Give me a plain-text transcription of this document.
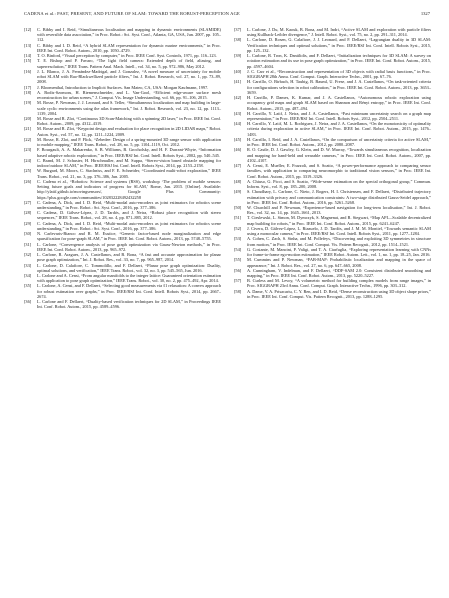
CADENA et al.: PAST, PRESENT, AND FUTURE OF SLAM: TOWARD THE ROBUST-PERCEPTION AGE	1327
[12] C. Bibby and I. Reid, “Simultaneous localisation and mapping in dynamic environments (SLAMIDE) with reversible data association,” in Proc. Robot.: Sci. Syst. Conf., Atlanta, GA, USA, Jun. 2007, pp. 105–112.
[13] C. Bibby and I. D. Reid, “A hybrid SLAM representation for dynamic marine environments,” in Proc. IEEE Int. Conf. Robot. Autom., 2010, pp. 1050–4729.
[14] T. O. Binford, “Visual perception by computer,” in Proc. IEEE Conf. Syst. Controls, 1971, pp. 116–123.
[15] T. E. Bishop and P. Favaro, “The light field camera: Extended depth of field, aliasing, and superresolution,” IEEE Trans. Pattern Anal. Mach. Intell., vol. 34, no. 5, pp. 972–986, May 2012.
[16] J. L. Blanco, J. A. Fernández-Madrigal, and J. Gonzalez, “A novel measure of uncertainty for mobile robot SLAM with Rao-Blackwellized particle filters,” Int. J. Robot. Research, vol. 27, no. 1, pp. 73–89, 2008.
[17] J. Bloomenthal, Introduction to Implicit Surfaces. San Mateo, CA, USA: Morgan Kaufmann, 1997.
[18] A. Bodis-Szomoru, H. Riemenschneider, and L. Van-Gool, “Efficient edge-aware surface mesh reconstruction for urban scenes,” J. Comput. Vis. Image Understanding, vol. 66, pp. 91–106, 2015.
[19] M. Bosse, P. Newman, J. J. Leonard, and S. Teller, “Simultaneous localization and map building in large-scale cyclic environments using the atlas framework,” Int. J. Robot. Research, vol. 23, no. 12, pp. 1113–1139, 2004.
[20] M. Bosse and R. Zlot, “Continuous 3D Scan-Matching with a spinning 2D laser,” in Proc. IEEE Int. Conf. Robot. Autom., 2009, pp. 4312–4319.
[21] M. Bosse and R. Zlot, “Keypoint design and evaluation for place recognition in 2D LIDAR maps,” Robot. Auton. Syst., vol. 57, no. 12, pp. 1211–1224, 2009.
[22] M. Bosse, R. Zlot, and P. Flick, “Zebedee: Design of a spring-mounted 3D range sensor with application to mobile mapping,” IEEE Trans. Robot., vol. 28, no. 5, pp. 1104–1119, Oct. 2012.
[23] F. Bourgault, A. A. Makarenko, S. B. Williams, B. Grocholsky, and H. F. Durrant-Whyte, “Information based adaptive robotic exploration,” in Proc. IEEE/RSJ Int. Conf. Intell. Robots Syst., 2002, pp. 540–545.
[24] C. Brand, M. J. Schuster, H. Hirschmuller, and M. Suppa, “Stereo-vision based obstacle mapping for indoor/outdoor SLAM,” in Proc. IEEE/RSJ Int. Conf. Intell. Robots Syst., 2014, pp. 2153–2158.
[25] W. Burgard, M. Moors, C. Stachniss, and F. E. Schneider, “Coordinated multi-robot exploration,” IEEE Trans. Robot., vol. 21, no. 3, pp. 376–386, Jun. 2005.
[26] C. Cadena et al., “Robotics: Science and systems (RSS), workshop ‘The problem of mobile sensors: Setting future goals and indicators of progress for SLAM,’ Rome, Jun. 2015. [Online]. Available: http://ylatif.github.io/movingsensors/, Google Plus Community: https://plus.google.com/communities/102832228492432258
[27] C. Cadena, A. Dick, and I. D. Reid, “Multi-modal auto-encoders as joint estimators for robotics scene understanding,” in Proc. Robot.: Sci. Syst. Conf., 2016, pp. 377–386.
[28] C. Cadena, D. Gálvez-López, J. D. Tardós, and J. Neira, “Robust place recognition with stereo sequences,” IEEE Trans. Robot., vol. 28, no. 4, pp. 871–885, 2012.
[29] C. Cadena, A. Dick, and I. D. Reid, “Multi-modal auto-encoders as joint estimators for robotics scene understanding,” in Proc. Robot.: Sci. Syst. Conf., 2016, pp. 377–386.
[30] N. Carlevaris-Bianco and R. M. Eustice, “Generic factor-based node marginalization and edge sparsification for pose-graph SLAM,” in Proc. IEEE Int. Conf. Robot. Autom., 2013, pp. 5748–5755.
[31] L. Carlone, “Convergence analysis of pose graph optimization via Gauss-Newton methods,” in Proc. IEEE Int. Conf. Robot. Autom., 2013, pp. 965–972.
[32] L. Carlone, R. Aragues, J. A. Castellanos, and B. Bona, “A fast and accurate approximation for planar pose graph optimization,” Int. J. Robot. Res., vol. 33, no. 7, pp. 965–987, 2014.
[33] L. Carlone, D. Calafiore, C. Tommolillo, and F. Dellaert, “Planar pose graph optimization: Duality, optimal solutions, and verification,” IEEE Trans. Robot., vol. 32, no. 3, pp. 545–565, Jun. 2016.
[34] L. Carlone and A. Censi, “From angular manifolds to the integer lattice: Guaranteed orientation estimation with application to pose graph optimization,” IEEE Trans. Robot., vol. 30, no. 2, pp. 475–492, Apr. 2014.
[35] L. Carlone, A. Censi, and F. Dellaert, “Selecting good measurements via ℓ1 relaxation: A convex approach for robust estimation over graphs,” in Proc. IEEE/RSJ Int. Conf. Intell. Robots Syst., 2014, pp. 2667–2674.
[36] L. Carlone and F. Dellaert, “Duality-based verification techniques for 2D SLAM,” in Proceedings IEEE Int. Conf. Robot. Autom., 2015, pp. 4589–4596.
[37] L. Carlone, J. Du, M. Kaouk, B. Bona, and M. Indri, “Active SLAM and exploration with particle filters using Kullback-Leibler divergence,” J. Intell. Robot. Syst., vol. 75, no. 2, pp. 291–311, 2014.
[38] L. Carlone, D. Rosen, G. Calafiore, J. J. Leonard, and F. Dellaert, “Lagrangian duality in 3D SLAM: Verification techniques and optimal solutions,” in Proc. IEEE/RSJ Int. Conf. Intell. Robots Syst., 2015, pp. 125–132.
[39] L. Carlone, R. Tron, K. Daniilidis, and F. Dellaert, “Initialization techniques for 3D SLAM: A survey on rotation estimation and its use in pose graph optimization,” in Proc. IEEE Int. Conf. Robot. Autom., 2015, pp. 4597–4604.
[40] J. C. Carr et al., “Reconstruction and representation of 3D objects with radial basis functions,” in Proc. SIGGRAPH 28th Annu. Conf. Comput. Graph. Interactive Techn., 2001, pp. 67–76.
[41] H. Carrillo, O. Birbach, H. Taubig, B. Bauml, U. Frese, and J. A. Castellanos, “On task-oriented criteria for configurations selection in robot calibration,” in Proc. IEEE Int. Conf. Robot. Autom., 2013, pp. 3653–3659.
[42] H. Carrillo, P. Dames, K. Kumar, and J. A. Castellanos, “Autonomous robotic exploration using occupancy grid maps and graph SLAM based on Shannon and Rényi entropy,” in Proc. IEEE Int. Conf. Robot. Autom., 2015, pp. 487–494.
[43] H. Carrillo, Y. Latif, J. Neira, and J. A. Castellanos, “Fast minimum uncertainty search on a graph map representation,” in Proc. IEEE/RSJ Int. Conf. Intell. Robots Syst., 2012, pp. 2504–2511.
[44] H. Carrillo, Y. Latif, M. L. Rodriguez, J. Neira, and J. A. Castellanos, “On the monotonicity of optimality criteria during exploration in active SLAM,” in Proc. IEEE Int. Conf. Robot. Autom., 2015, pp. 1476–1483.
[45] H. Carrillo, I. Reid, and J. A. Castellanos, “On the comparison of uncertainty criteria for active SLAM,” in Proc. IEEE Int. Conf. Robot. Autom., 2012, pp. 2080–2087.
[46] R. O. Castle, D. J. Gawley, G. Klein, and D. W. Murray, “Towards simultaneous recognition, localization and mapping for hand-held and wearable cameras,” in Proc. IEEE Int. Conf. Robot. Autom., 2007, pp. 4102–4107.
[47] A. Censi, E. Mueller, E. Frazzoli, and S. Soatto, “A power-performance approach to comparing sensor families, with application to comparing neuromorphic to traditional vision sensors,” in Proc. IEEE Int. Conf. Robot. Autom., 2015, pp. 3319–3326.
[48] A. Chiuso, G. Picci, and S. Soatto, “Wide-sense estimation on the special orthogonal group,” Commun. Inform. Syst., vol. 8, pp. 185–200, 2008.
[49] S. Choudhary, L. Carlone, C. Nieto, J. Rogers, H. I. Christensen, and F. Dellaert, “Distributed trajectory estimation with privacy and communication constraints: A two-stage distributed Gauss-Seidel approach,” in Proc. IEEE Int. Conf. Robot. Autom., 2016, pp. 5261–5268.
[50] W. Churchill and P. Newman, “Experience-based navigation for long-term localisation,” Int. J. Robot. Res., vol. 32, no. 14, pp. 1645–1661, 2013.
[51] T. Cieslewski, L. Simon, M. Dymczyk, S. Magnenat, and R. Siegwart, “Map API—Scalable decentralized map building for robots,” in Proc. IEEE Int. Conf. Robot. Autom., 2015, pp. 6241–6247.
[52] J. Civera, D. Gálvez-López, L. Riazuelo, J. D. Tardós, and J. M. M. Montiel, “Towards semantic SLAM using a monocular camera,” in Proc. IEEE/RSJ Int. Conf. Intell. Robots Syst., 2011, pp. 1277–1284.
[53] A. Cohen, C. Zach, S. Sinha, and M. Pollefeys, “Discovering and exploiting 3D symmetries in structure from motion,” in Proc. IEEE Int. Conf. Comput. Vis. Pattern Recognit., 2012, pp. 1514–1521.
[54] G. Costante, M. Mancini, P. Valigi, and T. A. Ciarfuglia, “Exploring representation learning with CNNs for frame-to-frame ego-motion estimation,” IEEE Robot. Autom. Lett., vol. 1, no. 1, pp. 18–25, Jan. 2016.
[55] M. Cummins and P. Newman, “FAB-MAP: Probabilistic localization and mapping in the space of appearance,” Int. J. Robot. Res., vol. 27, no. 6, pp. 647–665, 2008.
[56] A. Cunningham, V. Indelman, and F. Dellaert, “DDF-SAM 2.0: Consistent distributed smoothing and mapping,” in Proc. IEEE Int. Conf. Robot. Autom., 2013, pp. 5220–5227.
[57] B. Curless and M. Levoy, “A volumetric method for building complex models from range images,” in Proc. SIGGRAPH 23rd Annu. Conf. Comput. Graph. Interactive Techn., 1996, pp. 303–312.
[58] A. Dame, V. A. Prisacariu, C. Y. Ren, and I. D. Reid, “Dense reconstruction using 3D object shape priors,” in Proc. IEEE Int. Conf. Comput. Vis. Pattern Recognit., 2013, pp. 1288–1295.
